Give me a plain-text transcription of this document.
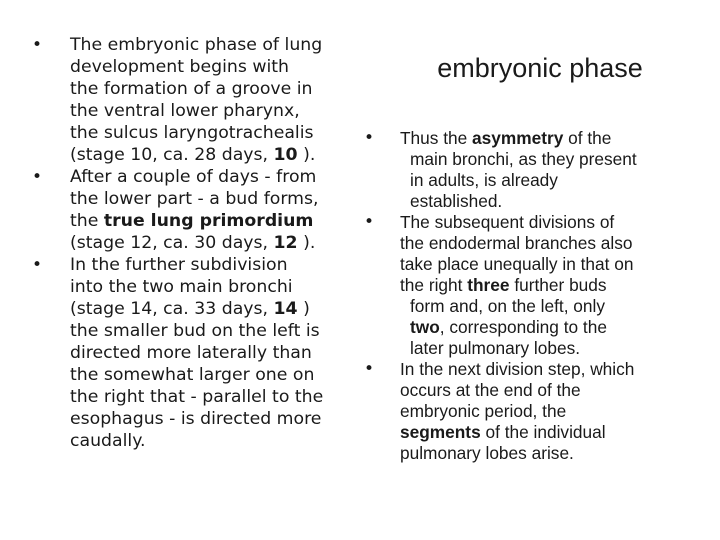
embryonic phase
• The embryonic phase of lung
development begins with
the formation of a groove in
the ventral lower pharynx,
the sulcus laryngotrachealis
(stage 10, ca. 28 days, 10 ).
• After a couple of days - from
the lower part - a bud forms,
the true lung primordium
(stage 12, ca. 30 days, 12 ).
• In the further subdivision
into the two main bronchi
(stage 14, ca. 33 days, 14 )
the smaller bud on the left is
directed more laterally than
the somewhat larger one on
the right that - parallel to the
esophagus - is directed more
caudally.
• Thus the asymmetry of the
main bronchi, as they present
in adults, is already
established.
• The subsequent divisions of
the endodermal branches also
take place unequally in that on
the right three further buds
form and, on the left, only
two, corresponding to the
later pulmonary lobes.
• In the next division step, which
occurs at the end of the
embryonic period, the
segments of the individual
pulmonary lobes arise.
